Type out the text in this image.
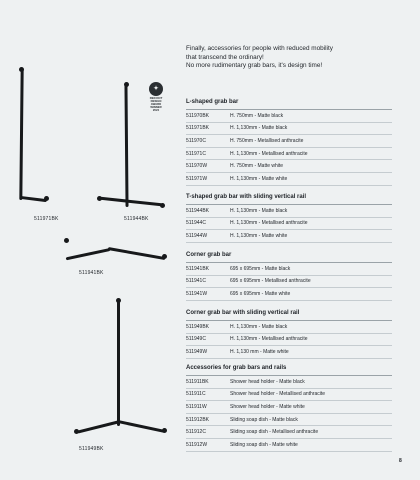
511971BK	511944BK
511941BK
511949BK
✦
RED DOT
DESIGN
AWARD
WINNER
2024
Finally, accessories for people with reduced mobility
that transcend the ordinary!
No more rudimentary grab bars, it's design time!
L-shaped grab bar
511970BK	H. 750mm - Matte black
511971BK	H. 1,130mm - Matte black
511970C	H. 750mm - Metallised anthracite
511971C	H. 1,130mm - Metallised anthracite
511970W	H. 750mm - Matte white
511971W	H. 1,130mm - Matte white
T-shaped grab bar with sliding vertical rail
511944BK	H. 1,130mm - Matte black
511944C	H. 1,130mm - Metallised anthracite
511944W	H. 1,130mm - Matte white
Corner grab bar
511941BK	695 x 695mm - Matte black
511941C	695 x 695mm - Metallised anthracite
511941W	695 x 695mm - Matte white
Corner grab bar with sliding vertical rail
511949BK	H. 1,130mm - Matte black
511949C	H. 1,130mm - Metallised anthracite
511949W	H. 1,130 mm - Matte white
Accessories for grab bars and rails
511911BK	Shower head holder - Matte black
511911C	Shower head holder - Metallised anthracite
511911W	Shower head holder - Matte white
511912BK	Sliding soap dish - Matte black
511912C	Sliding soap dish - Metallised anthracite
511912W	Sliding soap dish - Matte white
8
